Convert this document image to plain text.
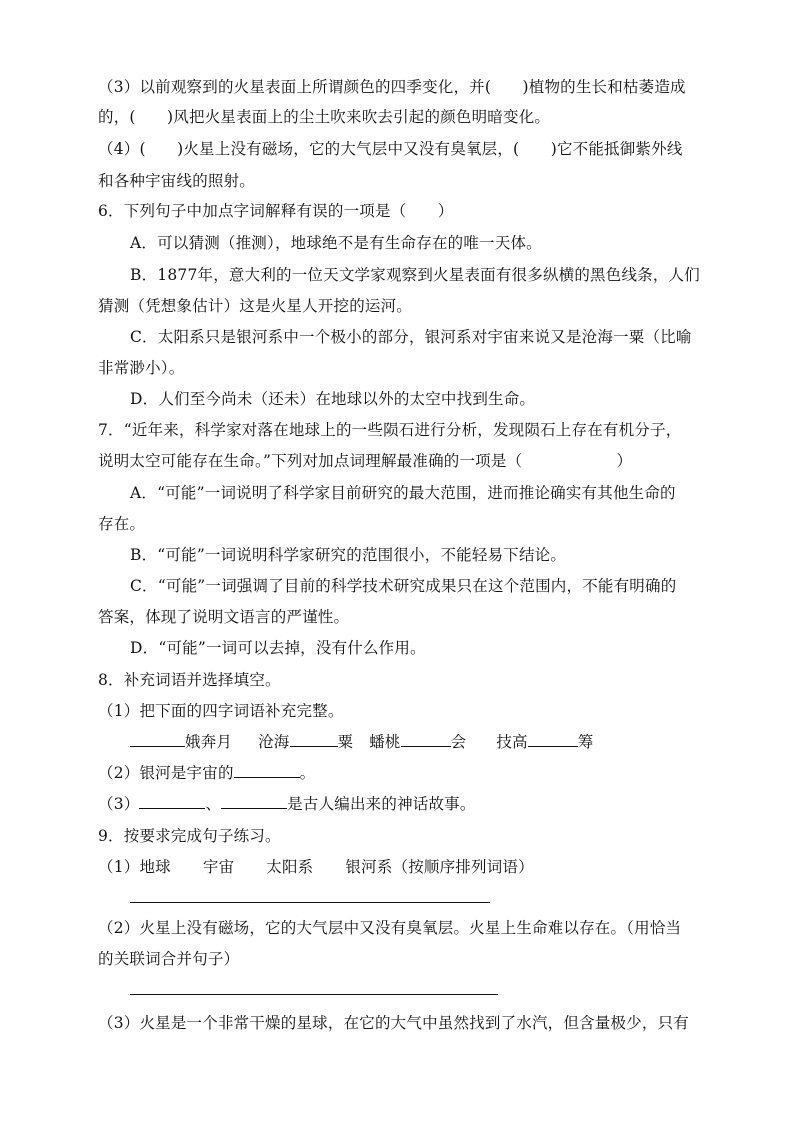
（3）以前观察到的火星表面上所谓颜色的四季变化，并(　　)植物的生长和枯萎造成
的，(　　)风把火星表面上的尘土吹来吹去引起的颜色明暗变化。
（4）(　　)火星上没有磁场，它的大气层中又没有臭氧层，(　　)它不能抵御紫外线
和各种宇宙线的照射。
6．下列句子中加点字词解释有误的一项是（　　）
A．可以猜测（推测），地球绝不是有生命存在的唯一天体。
B．1877年，意大利的一位天文学家观察到火星表面有很多纵横的黑色线条，人们
猜测（凭想象估计）这是火星人开挖的运河。
C．太阳系只是银河系中一个极小的部分，银河系对宇宙来说又是沧海一粟（比喻
非常渺小）。
D．人们至今尚未（还未）在地球以外的太空中找到生命。
7．“近年来，科学家对落在地球上的一些陨石进行分析，发现陨石上存在有机分子，
说明太空可能存在生命。”下列对加点词理解最准确的一项是（　　　　　　）
A．“可能”一词说明了科学家目前研究的最大范围，进而推论确实有其他生命的
存在。
B．“可能”一词说明科学家研究的范围很小，不能轻易下结论。
C．“可能”一词强调了目前的科学技术研究成果只在这个范围内，不能有明确的
答案，体现了说明文语言的严谨性。
D．“可能”一词可以去掉，没有什么作用。
8．补充词语并选择填空。
（1）把下面的四字词语补充完整。
娥奔月 沧海	粟 蟠桃	会 技高	筹
（2）银河是宇宙的	。
（3）	、	是古人编出来的神话故事。
9．按要求完成句子练习。
（1）地球 宇宙 太阳系 银河系（按顺序排列词语）
（2）火星上没有磁场，它的大气层中又没有臭氧层。火星上生命难以存在。（用恰当
的关联词合并句子）
（3）火星是一个非常干燥的星球，在它的大气中虽然找到了水汽，但含量极少，只有
